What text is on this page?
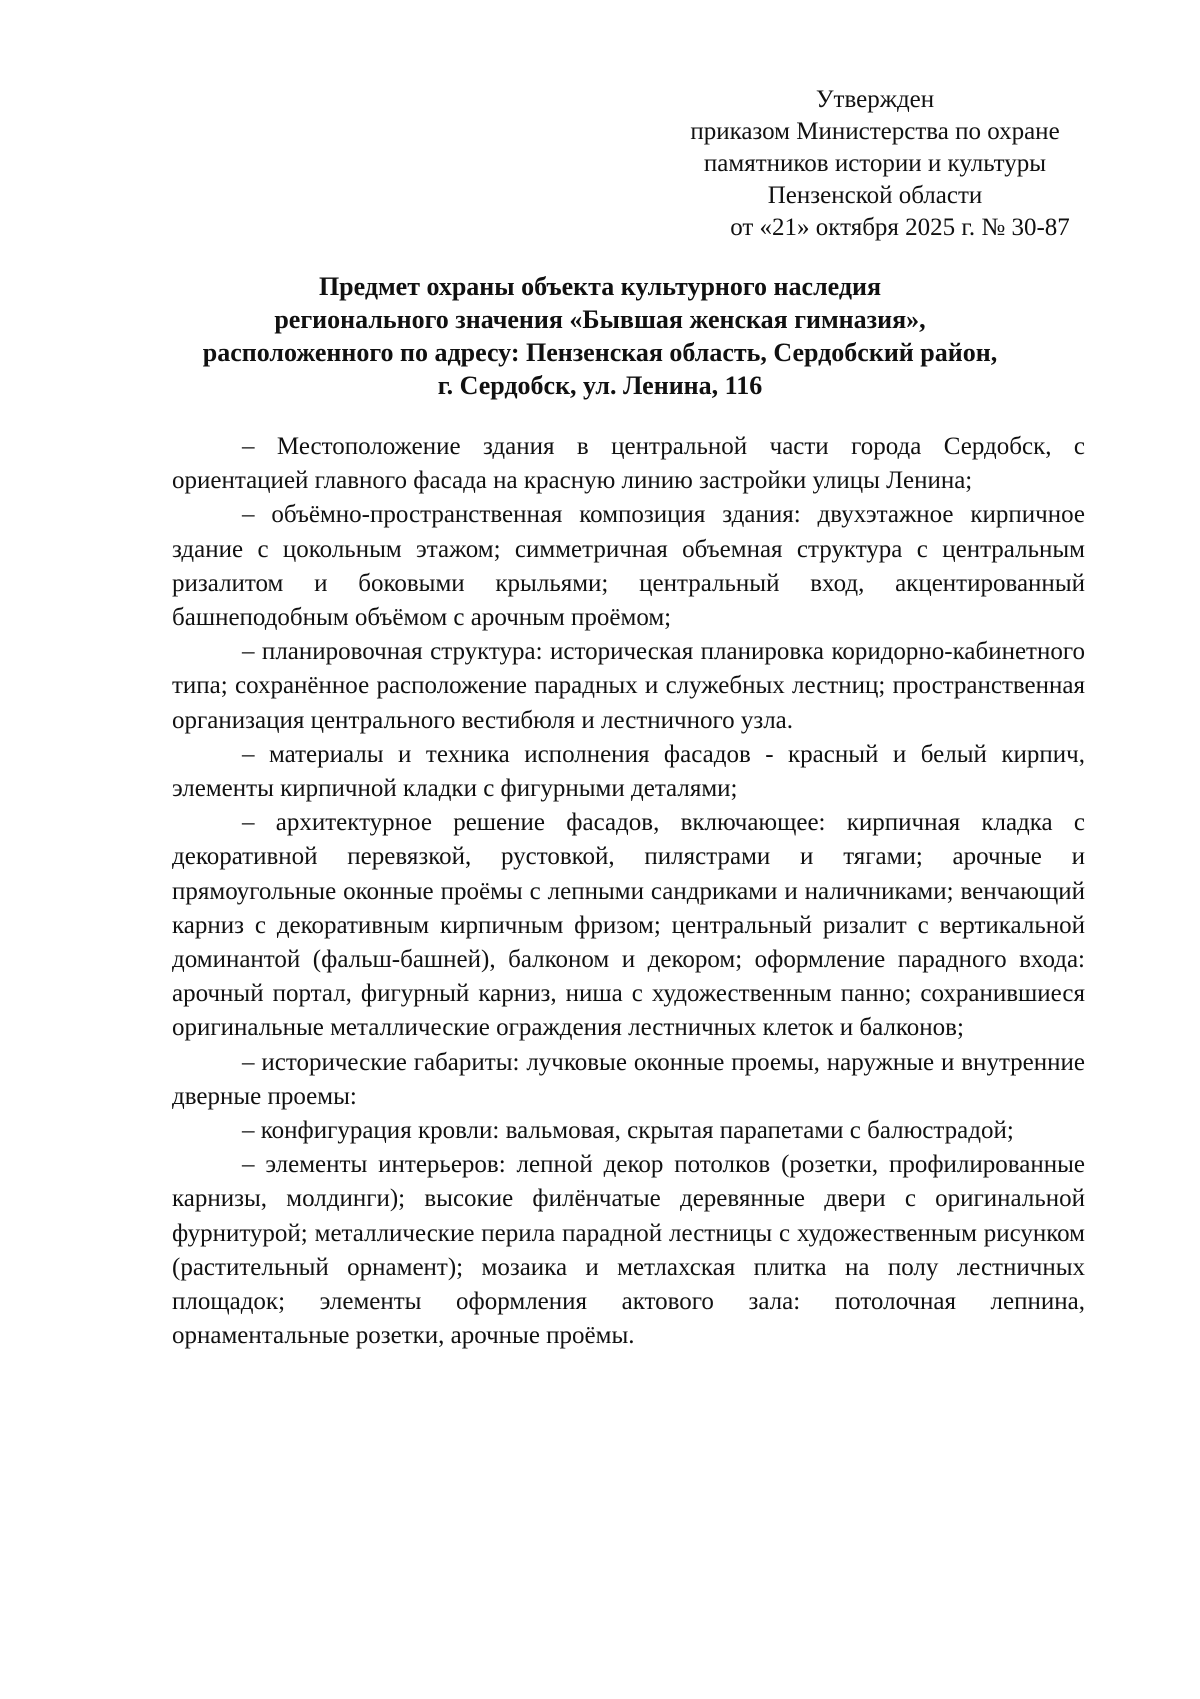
Утвержден
приказом Министерства по охране
памятников истории и культуры
Пензенской области
от «21» октября 2025 г. № 30-87
Предмет охраны объекта культурного наследия
регионального значения «Бывшая женская гимназия»,
расположенного по адресу: Пензенская область, Сердобский район,
г. Сердобск, ул. Ленина, 116

– Местоположение здания в центральной части города Сердобск, с ориентацией главного фасада на красную линию застройки улицы Ленина;

– объёмно-пространственная композиция здания: двухэтажное кирпичное здание с цокольным этажом; симметричная объемная структура с центральным ризалитом и боковыми крыльями; центральный вход, акцентированный башнеподобным объёмом с арочным проёмом;

– планировочная структура: историческая планировка коридорно-кабинетного типа; сохранённое расположение парадных и служебных лестниц; пространственная организация центрального вестибюля и лестничного узла.

– материалы и техника исполнения фасадов - красный и белый кирпич, элементы кирпичной кладки с фигурными деталями;

– архитектурное решение фасадов, включающее: кирпичная кладка с декоративной перевязкой, рустовкой, пилястрами и тягами; арочные и прямоугольные оконные проёмы с лепными сандриками и наличниками; венчающий карниз с декоративным кирпичным фризом; центральный ризалит с вертикальной доминантой (фальш-башней), балконом и декором; оформление парадного входа: арочный портал, фигурный карниз, ниша с художественным панно; сохранившиеся оригинальные металлические ограждения лестничных клеток и балконов;

– исторические габариты: лучковые оконные проемы, наружные и внутренние дверные проемы:

– конфигурация кровли: вальмовая, скрытая парапетами с балюстрадой;

– элементы интерьеров: лепной декор потолков (розетки, профилированные карнизы, молдинги); высокие филёнчатые деревянные двери с оригинальной фурнитурой; металлические перила парадной лестницы с художественным рисунком (растительный орнамент); мозаика и метлахская плитка на полу лестничных площадок; элементы оформления актового зала: потолочная лепнина, орнаментальные розетки, арочные проёмы.
